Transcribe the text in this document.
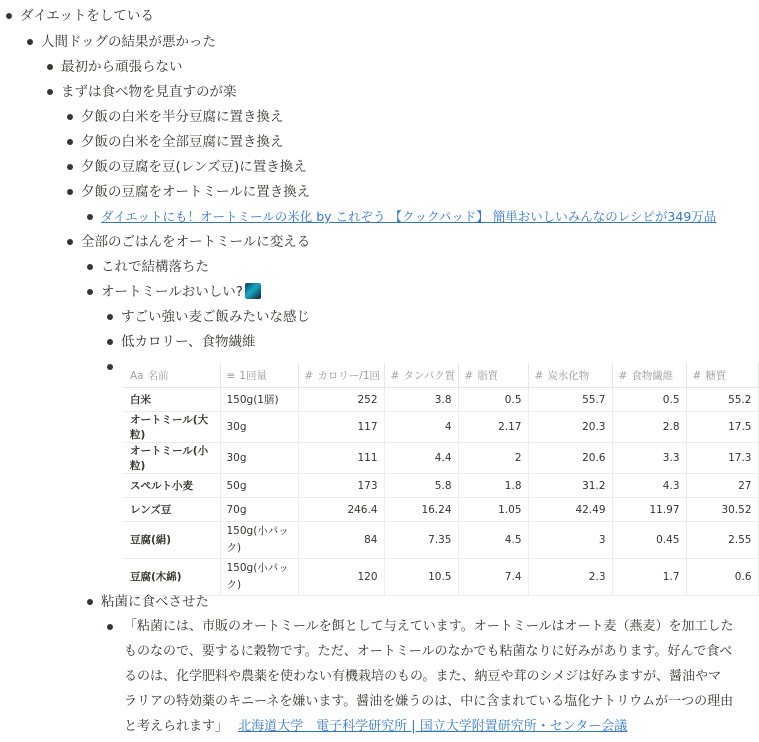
ダイエットをしている
人間ドッグの結果が悪かった
最初から頑張らない
まずは食べ物を見直すのが楽
夕飯の白米を半分豆腐に置き換え
夕飯の白米を全部豆腐に置き換え
夕飯の豆腐を豆(レンズ豆)に置き換え
夕飯の豆腐をオートミールに置き換え
ダイエットにも！オートミールの米化 by これぞう 【クックパッド】 簡単おいしいみんなのレシピが349万品
全部のごはんをオートミールに変える
これで結構落ちた
オートミールおいしい?
すごい強い麦ご飯みたいな感じ
低カロリー、食物繊維
Aa 名前	≡ 1回量	# カロリー/1回	# タンパク質	# 脂質	# 炭水化物	# 食物繊維	# 糖質
白米	150g(1膳)	252	3.8	0.5	55.7	0.5	55.2
オートミール(大粒)	30g	117	4	2.17	20.3	2.8	17.5
オートミール(小粒)	30g	111	4.4	2	20.6	3.3	17.3
スペルト小麦	50g	173	5.8	1.8	31.2	4.3	27
レンズ豆	70g	246.4	16.24	1.05	42.49	11.97	30.52
豆腐(絹)	150g(小パック)	84	7.35	4.5	3	0.45	2.55
豆腐(木綿)	150g(小パック)	120	10.5	7.4	2.3	1.7	0.6
粘菌に食べさせた
「粘菌には、市販のオートミールを餌として与えています。オートミールはオート麦（燕麦）を加工した
ものなので、要するに穀物です。ただ、オートミールのなかでも粘菌なりに好みがあります。好んで食べ
るのは、化学肥料や農薬を使わない有機栽培のもの。また、納豆や茸のシメジは好みますが、醤油やマ
ラリアの特効薬のキニーネを嫌います。醤油を嫌うのは、中に含まれている塩化ナトリウムが一つの理由
と考えられます」 北海道大学　電子科学研究所 | 国立大学附置研究所・センター会議
